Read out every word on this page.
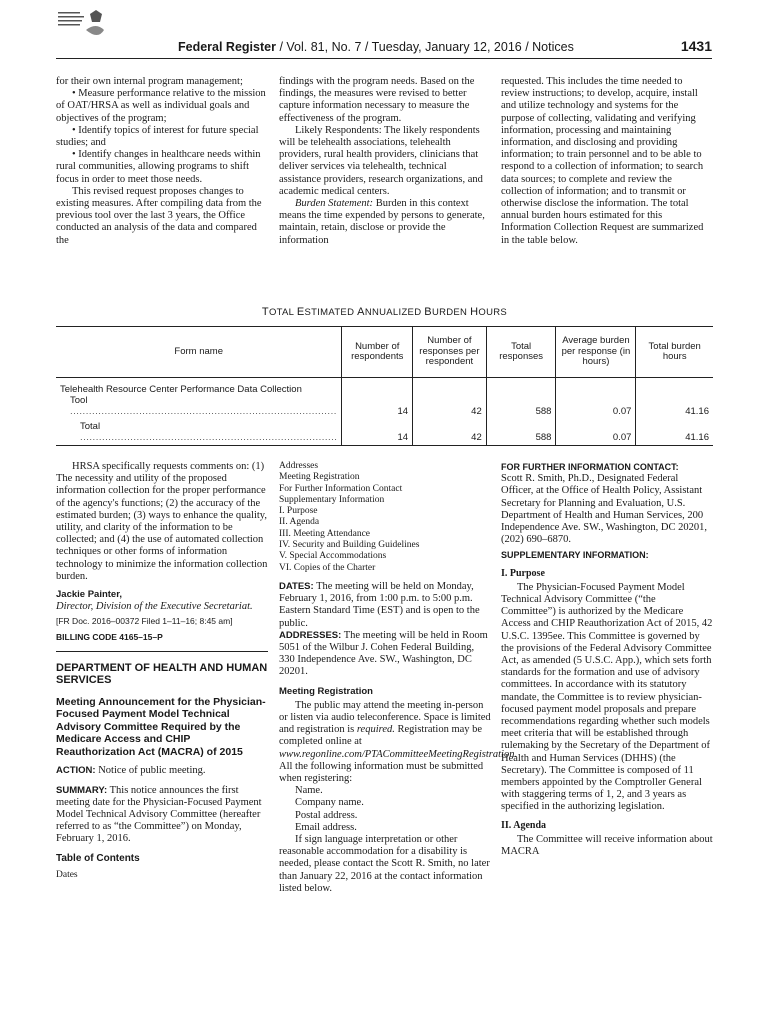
Federal Register / Vol. 81, No. 7 / Tuesday, January 12, 2016 / Notices	1431

for their own internal program management;

• Measure performance relative to the mission of OAT/HRSA as well as individual goals and objectives of the program;

• Identify topics of interest for future special studies; and

• Identify changes in healthcare needs within rural communities, allowing programs to shift focus in order to meet those needs.

This revised request proposes changes to existing measures. After compiling data from the previous tool over the last 3 years, the Office conducted an analysis of the data and compared the

findings with the program needs. Based on the findings, the measures were revised to better capture information necessary to measure the effectiveness of the program.

Likely Respondents: The likely respondents will be telehealth associations, telehealth providers, rural health providers, clinicians that deliver services via telehealth, technical assistance providers, research organizations, and academic medical centers.

Burden Statement: Burden in this context means the time expended by persons to generate, maintain, retain, disclose or provide the information

requested. This includes the time needed to review instructions; to develop, acquire, install and utilize technology and systems for the purpose of collecting, validating and verifying information, processing and maintaining information, and disclosing and providing information; to train personnel and to be able to respond to a collection of information; to search data sources; to complete and review the collection of information; and to transmit or otherwise disclose the information. The total annual burden hours estimated for this Information Collection Request are summarized in the table below.

TOTAL ESTIMATED ANNUALIZED BURDEN HOURS
Form name	Number of respondents	Number of responses per respondent	Total responses	Average burden per response (in hours)	Total burden hours
Telehealth Resource Center Performance Data Collection
Tool .....................................................................................	14	42	588	0.07	41.16

Total ..................................................................................	14	42	588	0.07	41.16

HRSA specifically requests comments on: (1) The necessity and utility of the proposed information collection for the proper performance of the agency's functions; (2) the accuracy of the estimated burden; (3) ways to enhance the quality, utility, and clarity of the information to be collected; and (4) the use of automated collection techniques or other forms of information technology to minimize the information collection burden.

Jackie Painter,

Director, Division of the Executive Secretariat.

[FR Doc. 2016–00372 Filed 1–11–16; 8:45 am]

BILLING CODE 4165–15–P

DEPARTMENT OF HEALTH AND HUMAN SERVICES

Meeting Announcement for the Physician-Focused Payment Model Technical Advisory Committee Required by the Medicare Access and CHIP Reauthorization Act (MACRA) of 2015

ACTION: Notice of public meeting.

SUMMARY: This notice announces the first meeting date for the Physician-Focused Payment Model Technical Advisory Committee (hereafter referred to as “the Committee”) on Monday, February 1, 2016.

Table of Contents

Dates

Addresses

Meeting Registration

For Further Information Contact

Supplementary Information

I. Purpose

II. Agenda

III. Meeting Attendance

IV. Security and Building Guidelines

V. Special Accommodations

VI. Copies of the Charter

DATES: The meeting will be held on Monday, February 1, 2016, from 1:00 p.m. to 5:00 p.m. Eastern Standard Time (EST) and is open to the public.

ADDRESSES: The meeting will be held in Room 5051 of the Wilbur J. Cohen Federal Building, 330 Independence Ave. SW., Washington, DC 20201.

Meeting Registration

The public may attend the meeting in-person or listen via audio teleconference. Space is limited and registration is required. Registration may be completed online at www.regonline.com/PTACommitteeMeetingRegistration. All the following information must be submitted when registering:

Name.

Company name.

Postal address.

Email address.

If sign language interpretation or other reasonable accommodation for a disability is needed, please contact the Scott R. Smith, no later than January 22, 2016 at the contact information listed below.

FOR FURTHER INFORMATION CONTACT:

Scott R. Smith, Ph.D., Designated Federal Officer, at the Office of Health Policy, Assistant Secretary for Planning and Evaluation, U.S. Department of Health and Human Services, 200 Independence Ave. SW., Washington, DC 20201, (202) 690–6870.

SUPPLEMENTARY INFORMATION:

I. Purpose

The Physician-Focused Payment Model Technical Advisory Committee (“the Committee”) is authorized by the Medicare Access and CHIP Reauthorization Act of 2015, 42 U.S.C. 1395ee. This Committee is governed by the provisions of the Federal Advisory Committee Act, as amended (5 U.S.C. App.), which sets forth standards for the formation and use of advisory committees. In accordance with its statutory mandate, the Committee is to review physician-focused payment model proposals and prepare recommendations regarding whether such models meet criteria that will be established through rulemaking by the Secretary of the Department of Health and Human Services (DHHS) (the Secretary). The Committee is composed of 11 members appointed by the Comptroller General with staggering terms of 1, 2, and 3 years as specified in the authorizing legislation.

II. Agenda

The Committee will receive information about MACRA
